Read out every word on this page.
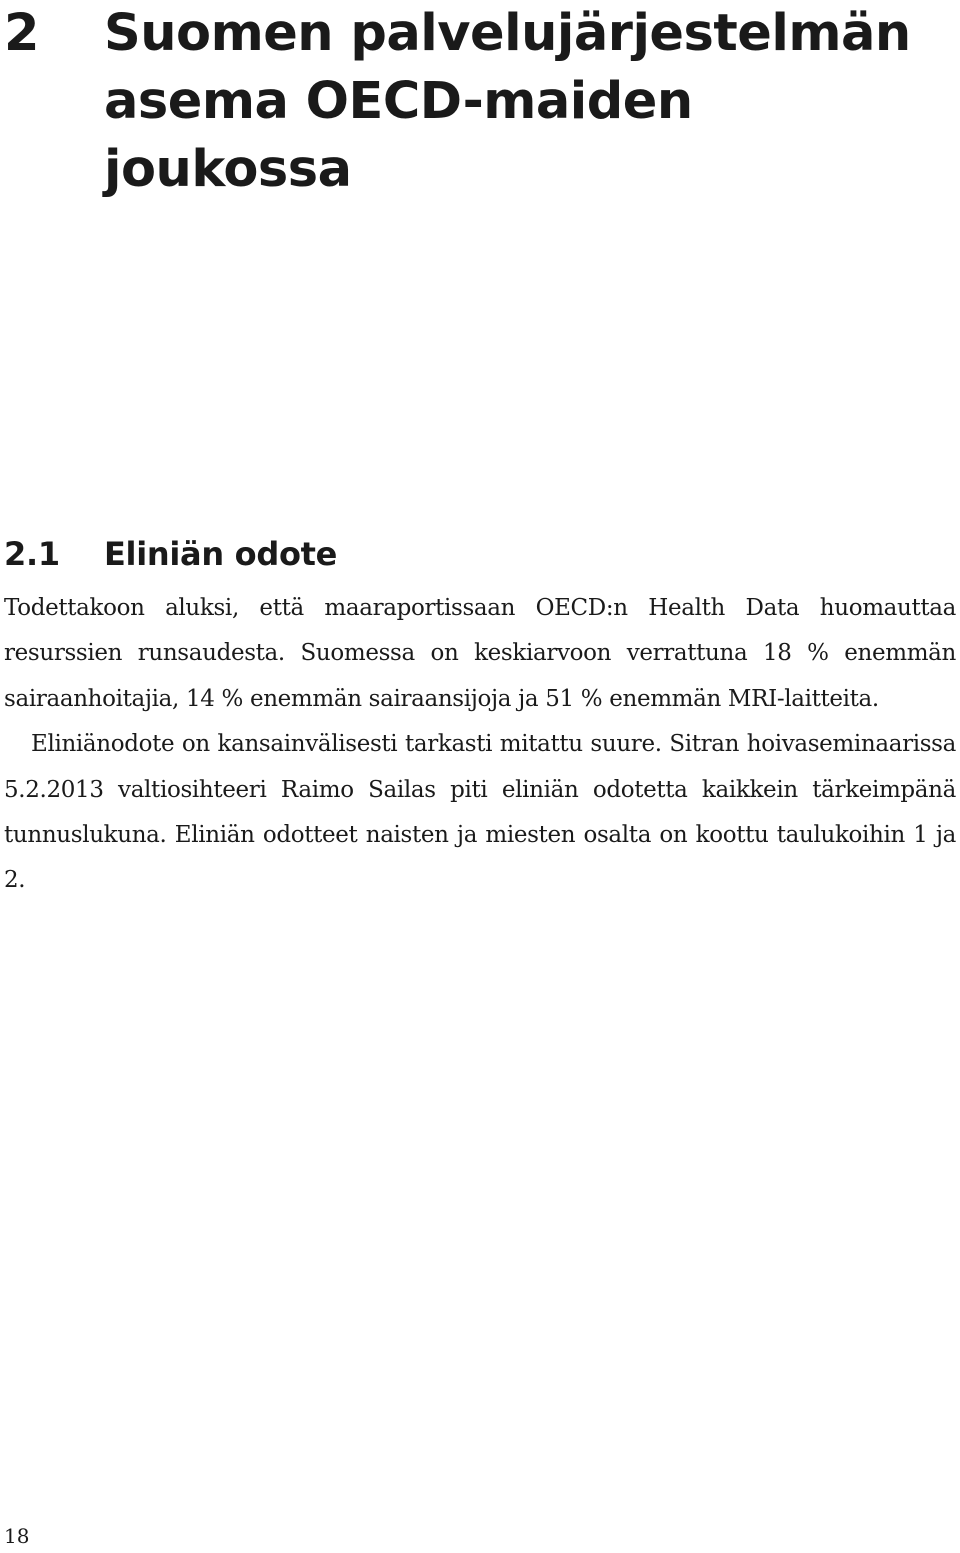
2 Suomen palvelujärjestelmän asema OECD-maiden joukossa
2.1 Eliniän odote

Todettakoon aluksi, että maaraportissaan OECD:n Health Data huomauttaa resurssien runsaudesta. Suomessa on keskiarvoon verrattuna 18 % enemmän sairaanhoitajia, 14 % enemmän sairaansijoja ja 51 % enemmän MRI-laitteita.

Eliniänodote on kansainvälisesti tarkasti mitattu suure. Sitran hoivaseminaarissa 5.2.2013 valtiosihteeri Raimo Sailas piti eliniän odotetta kaikkein tärkeimpänä tunnuslukuna. Eliniän odotteet naisten ja miesten osalta on koottu taulukoihin 1 ja 2.

18
